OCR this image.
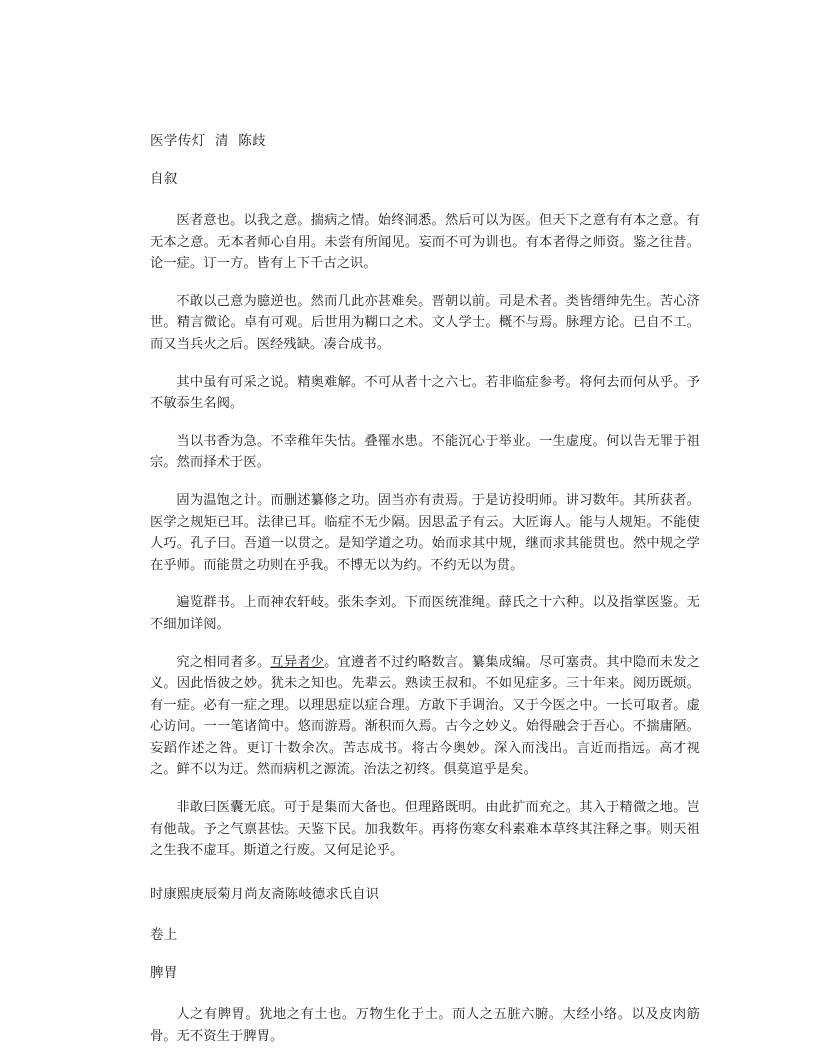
医学传灯  清  陈歧
自叙

医者意也。以我之意。揣病之情。始终洞悉。然后可以为医。但天下之意有有本之意。有无本之意。无本者师心自用。未尝有所闻见。妄而不可为训也。有本者得之师资。鉴之往昔。论一症。订一方。皆有上下千古之识。

不敢以己意为臆逆也。然而几此亦甚难矣。晋朝以前。司是术者。类皆缙绅先生。苦心济世。精言微论。卓有可观。后世用为糊口之术。文人学士。概不与焉。脉理方论。已自不工。而又当兵火之后。医经残缺。凑合成书。

其中虽有可采之说。精奥难解。不可从者十之六七。若非临症参考。将何去而何从乎。予不敏忝生名阀。

当以书香为急。不幸稚年失怙。叠罹水患。不能沉心于举业。一生虚度。何以告无罪于祖宗。然而择术于医。

固为温饱之计。而删述纂修之功。固当亦有责焉。于是访投明师。讲习数年。其所获者。医学之规矩已耳。法律已耳。临症不无少隔。因思孟子有云。大匠诲人。能与人规矩。不能使人巧。孔子曰。吾道一以贯之。是知学道之功。始而求其中规，继而求其能贯也。然中规之学在乎师。而能贯之功则在乎我。不博无以为约。不约无以为贯。

遍览群书。上而神农轩岐。张朱李刘。下而医统准绳。薛氏之十六种。以及指掌医鉴。无不细加详阅。

究之相同者多。互异者少。宜遵者不过约略数言。纂集成编。尽可塞责。其中隐而未发之义。因此悟彼之妙。犹未之知也。先辈云。熟读王叔和。不如见症多。三十年来。阅历既烦。有一症。必有一症之理。以理思症以症合理。方敢下手调治。又于今医之中。一长可取者。虚心访问。一一笔诸简中。悠而游焉。渐积而久焉。古今之妙义。始得融会于吾心。不揣庸陋。妄蹈作述之咎。更订十数余次。苦志成书。将古今奥妙。深入而浅出。言近而指远。高才视之。鲜不以为迂。然而病机之源流。治法之初终。俱莫逭乎是矣。

非敢曰医囊无底。可于是集而大备也。但理路既明。由此扩而充之。其入于精微之地。岂有他哉。予之气禀甚怯。天鉴下民。加我数年。再将伤寒女科素难本草终其注释之事。则天祖之生我不虚耳。斯道之行废。又何足论乎。

时康熙庚辰菊月尚友斋陈岐德求氏自识
卷上
脾胃

人之有脾胃。犹地之有土也。万物生化于土。而人之五脏六腑。大经小络。以及皮肉筋骨。无不资生于脾胃。
